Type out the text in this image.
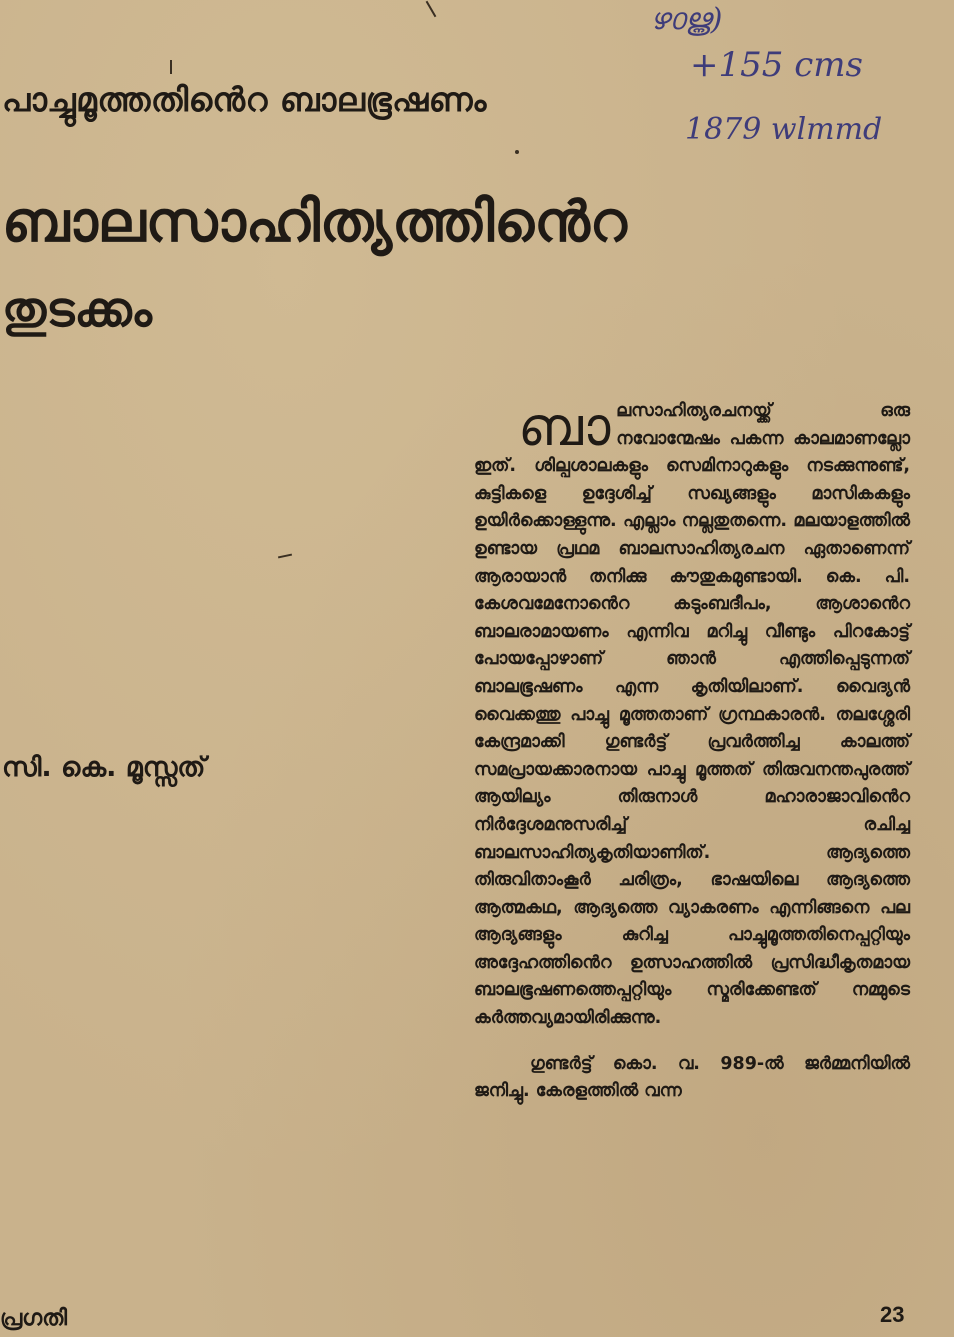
ഴ൦ൠ)
+155 cms
1879 wlmmd
പാച്ചുമൂത്തതിൻെറ ബാലഭൂഷണം
ബാലസാഹിത്യത്തിൻെറ
തുടക്കം
സി. കെ. മൂസ്സത്

ബാലസാഹിത്യരചനയ്ക്ക് ഒരു നവോന്മേഷം പകന്ന കാലമാണല്ലോ ഇത്. ശില്പശാലകളും സെമിനാറുകളും നടക്കുന്നുണ്ട്, കുട്ടികളെ ഉദ്ദേശിച്ച് സഖ്യങ്ങളും മാസികകളും ഉയിർക്കൊള്ളുന്നു. എല്ലാം നല്ലതുതന്നെ. മലയാളത്തിൽ ഉണ്ടായ പ്രഥമ ബാലസാഹിത്യരചന ഏതാണെന്ന് ആരായാൻ തനിക്കു കൗതുകമുണ്ടായി. കെ. പി. കേശവമേനോൻെറ കടുംബദീപം, ആശാൻെറ ബാലരാമായണം എന്നിവ മറിച്ചു വീണ്ടും പിറകോട്ട് പോയപ്പോഴാണ് ഞാൻ എത്തിപ്പെടുന്നത് ബാലഭൂഷണം എന്ന കൃതിയിലാണ്. വൈദ്യൻ വൈക്കത്തു പാച്ചു മൂത്തതാണ് ഗ്രന്ഥകാരൻ. തലശ്ശേരി കേന്ദ്രമാക്കി ഗുണ്ടർട്ട് പ്രവർത്തിച്ച കാലത്ത് സമപ്രായക്കാരനായ പാച്ചു മൂത്തത് തിരുവനന്തപുരത്ത് ആയില്യം തിരുനാൾ മഹാരാജാവിൻെറ നിർദ്ദേശമനുസരിച്ച് രചിച്ച ബാലസാഹിത്യകൃതിയാണിത്. ആദ്യത്തെ തിരുവിതാംകൂർ ചരിത്രം, ഭാഷയിലെ ആദ്യത്തെ ആത്മകഥ, ആദ്യത്തെ വ്യാകരണം എന്നിങ്ങനെ പല ആദ്യങ്ങളും കുറിച്ച പാച്ചുമൂത്തതിനെപ്പറ്റിയും അദ്ദേഹത്തിൻെറ ഉത്സാഹത്തിൽ പ്രസിദ്ധീകൃതമായ ബാലഭൂഷണത്തെപ്പറ്റിയും സ്മരിക്കേണ്ടത് നമ്മുടെ കർത്തവ്യമായിരിക്കുന്നു.

ഗുണ്ടർട്ട് കൊ. വ. 989-ൽ ജർമ്മനിയിൽ ജനിച്ചു. കേരളത്തിൽ വന്ന

പ്രഗതി	23
